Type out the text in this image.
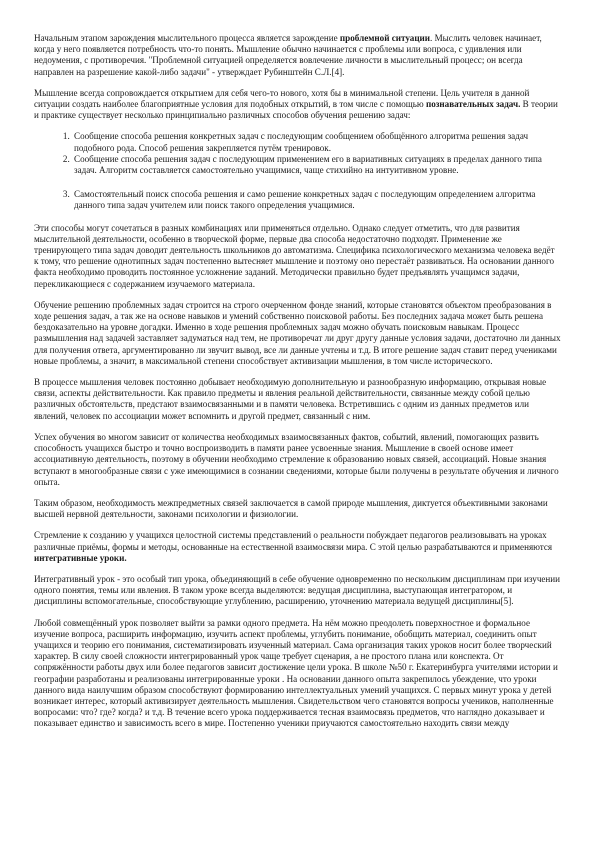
Начальным этапом зарождения мыслительного процесса является зарождение проблемной ситуации. Мыслить человек начинает, когда у него появляется потребность что-то понять. Мышление обычно начинается с проблемы или вопроса, с удивления или недоумения, с противоречия. "Проблемной ситуацией определяется вовлечение личности в мыслительный процесс; он всегда направлен на разрешение какой-либо задачи" - утверждает Рубинштейн С.Л.[4].

Мышление всегда сопровождается открытием для себя чего-то нового, хотя бы в минимальной степени. Цель учителя в данной ситуации создать наиболее благоприятные условия для подобных открытий, в том числе с помощью познавательных задач. В теории и практике существует несколько принципиально различных способов обучения решению задач:

1. Сообщение способа решения конкретных задач с последующим сообщением обобщённого алгоритма решения задач подобного рода. Способ решения закрепляется путём тренировок.
2. Сообщение способа решения задач с последующим применением его в вариативных ситуациях в пределах данного типа задач. Алгоритм составляется самостоятельно учащимися, чаще стихийно на интуитивном уровне.
3. Самостоятельный поиск способа решения и само решение конкретных задач с последующим определением алгоритма данного типа задач учителем или поиск такого определения учащимися.

Эти способы могут сочетаться в разных комбинациях или применяться отдельно. Однако следует отметить, что для развития мыслительной деятельности, особенно в творческой форме, первые два способа недостаточно подходят. Применение же тренирующего типа задач доводит деятельность школьников до автоматизма. Специфика психологического механизма человека ведёт к тому, что решение однотипных задач постепенно вытесняет мышление и поэтому оно перестаёт развиваться. На основании данного факта необходимо проводить постоянное усложнение заданий. Методически правильно будет предъявлять учащимся задачи, перекликающиеся с содержанием изучаемого материала.

Обучение решению проблемных задач строится на строго очерченном фонде знаний, которые становятся объектом преобразования в ходе решения задач, а так же на основе навыков и умений собственно поисковой работы. Без последних задача может быть решена бездоказательно на уровне догадки. Именно в ходе решения проблемных задач можно обучать поисковым навыкам. Процесс размышления над задачей заставляет задуматься над тем, не противоречат ли друг другу данные условия задачи, достаточно ли данных для получения ответа, аргументированно ли звучит вывод, все ли данные учтены и т.д. В итоге решение задач ставит перед учениками новые проблемы, а значит, в максимальной степени способствует активизации мышления, в том числе исторического.

В процессе мышления человек постоянно добывает необходимую дополнительную и разнообразную информацию, открывая новые связи, аспекты действительности. Как правило предметы и явления реальной действительности, связанные между собой целью различных обстоятельств, предстают взаимосвязанными и в памяти человека. Встретившись с одним из данных предметов или явлений, человек по ассоциации может вспомнить и другой предмет, связанный с ним.

Успех обучения во многом зависит от количества необходимых взаимосвязанных фактов, событий, явлений, помогающих развить способность учащихся быстро и точно воспроизводить в памяти ранее усвоенные знания. Мышление в своей основе имеет ассоциативную деятельность, поэтому в обучении необходимо стремление к образованию новых связей, ассоциаций. Новые знания вступают в многообразные связи с уже имеющимися в сознании сведениями, которые были получены в результате обучения и личного опыта.

Таким образом, необходимость межпредметных связей заключается в самой природе мышления, диктуется объективными законами высшей нервной деятельности, законами психологии и физиологии.

Стремление к созданию у учащихся целостной системы представлений о реальности побуждает педагогов реализовывать на уроках различные приёмы, формы и методы, основанные на естественной взаимосвязи мира. С этой целью разрабатываются и применяются интегративные уроки.

Интегративный урок - это особый тип урока, объединяющий в себе обучение одновременно по нескольким дисциплинам при изучении одного понятия, темы или явления. В таком уроке всегда выделяются: ведущая дисциплина, выступающая интегратором, и дисциплины вспомогательные, способствующие углублению, расширению, уточнению материала ведущей дисциплины[5].

Любой совмещённый урок позволяет выйти за рамки одного предмета. На нём можно преодолеть поверхностное и формальное изучение вопроса, расширить информацию, изучить аспект проблемы, углубить понимание, обобщить материал, соединить опыт учащихся и теорию его понимания, систематизировать изученный материал. Сама организация таких уроков носит более творческий характер. В силу своей сложности интегрированный урок чаще требует сценария, а не простого плана или конспекта. От сопряжённости работы двух или более педагогов зависит достижение цели урока. В школе №50 г. Екатеринбурга учителями истории и географии разработаны и реализованы интегрированные уроки . На основании данного опыта закрепилось убеждение, что уроки данного вида наилучшим образом способствуют формированию интеллектуальных умений учащихся. С первых минут урока у детей возникает интерес, который активизирует деятельность мышления. Свидетельством чего становятся вопросы учеников, наполненные вопросами: что? где? когда? и т.д. В течение всего урока поддерживается тесная взаимосвязь предметов, что наглядно доказывает и показывает единство и зависимость всего в мире. Постепенно ученики приучаются самостоятельно находить связи между
